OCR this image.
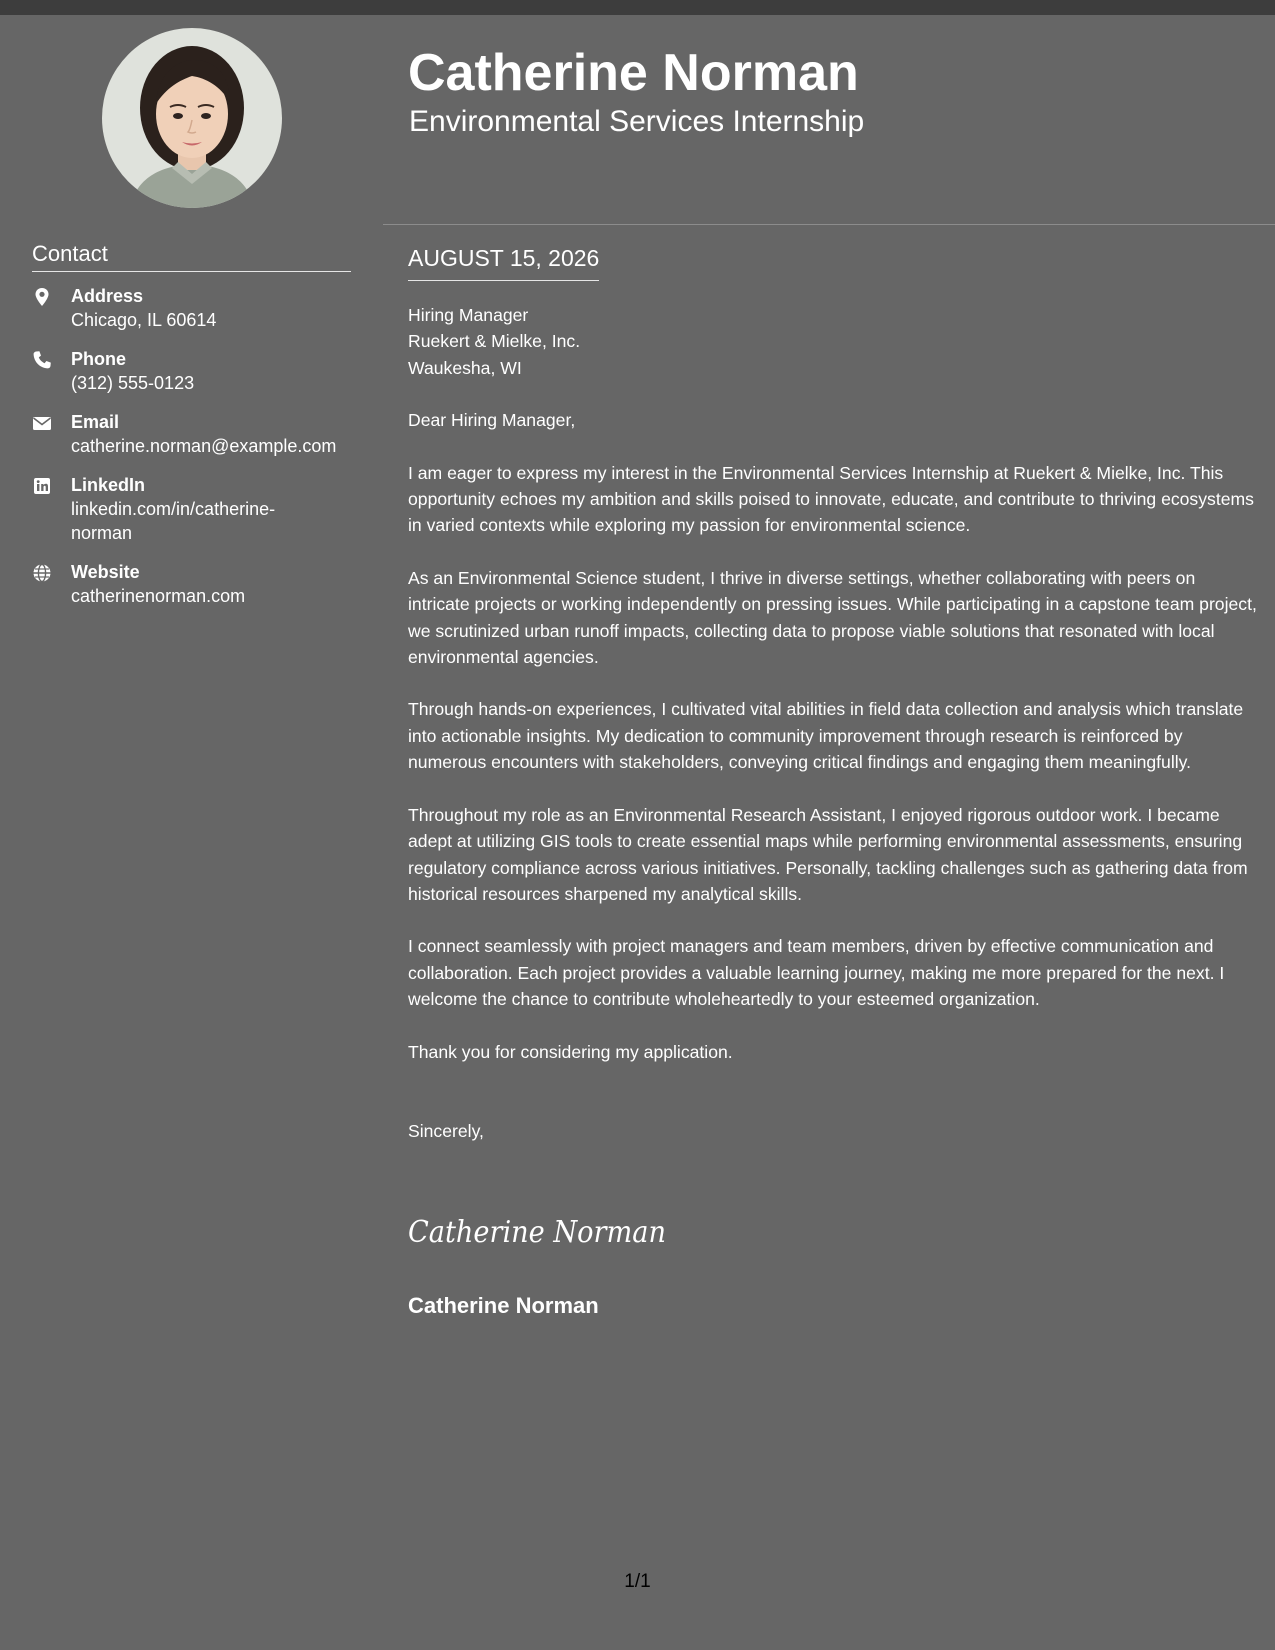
Contact
Address
Chicago, IL 60614
Phone
(312) 555-0123
Email
catherine.norman@example.com
LinkedIn
linkedin.com/in/catherine-norman
Website
catherinenorman.com
Catherine Norman
Environmental Services Internship
AUGUST 15, 2026

Hiring Manager
Ruekert & Mielke, Inc.
Waukesha, WI

Dear Hiring Manager,

I am eager to express my interest in the Environmental Services Internship at Ruekert & Mielke, Inc. This opportunity echoes my ambition and skills poised to innovate, educate, and contribute to thriving ecosystems in varied contexts while exploring my passion for environmental science.

As an Environmental Science student, I thrive in diverse settings, whether collaborating with peers on intricate projects or working independently on pressing issues. While participating in a capstone team project, we scrutinized urban runoff impacts, collecting data to propose viable solutions that resonated with local environmental agencies.

Through hands-on experiences, I cultivated vital abilities in field data collection and analysis which translate into actionable insights. My dedication to community improvement through research is reinforced by numerous encounters with stakeholders, conveying critical findings and engaging them meaningfully.

Throughout my role as an Environmental Research Assistant, I enjoyed rigorous outdoor work. I became adept at utilizing GIS tools to create essential maps while performing environmental assessments, ensuring regulatory compliance across various initiatives. Personally, tackling challenges such as gathering data from historical resources sharpened my analytical skills.

I connect seamlessly with project managers and team members, driven by effective communication and collaboration. Each project provides a valuable learning journey, making me more prepared for the next. I welcome the chance to contribute wholeheartedly to your esteemed organization.

Thank you for considering my application.

Sincerely,

Catherine Norman
Catherine Norman
1/1
